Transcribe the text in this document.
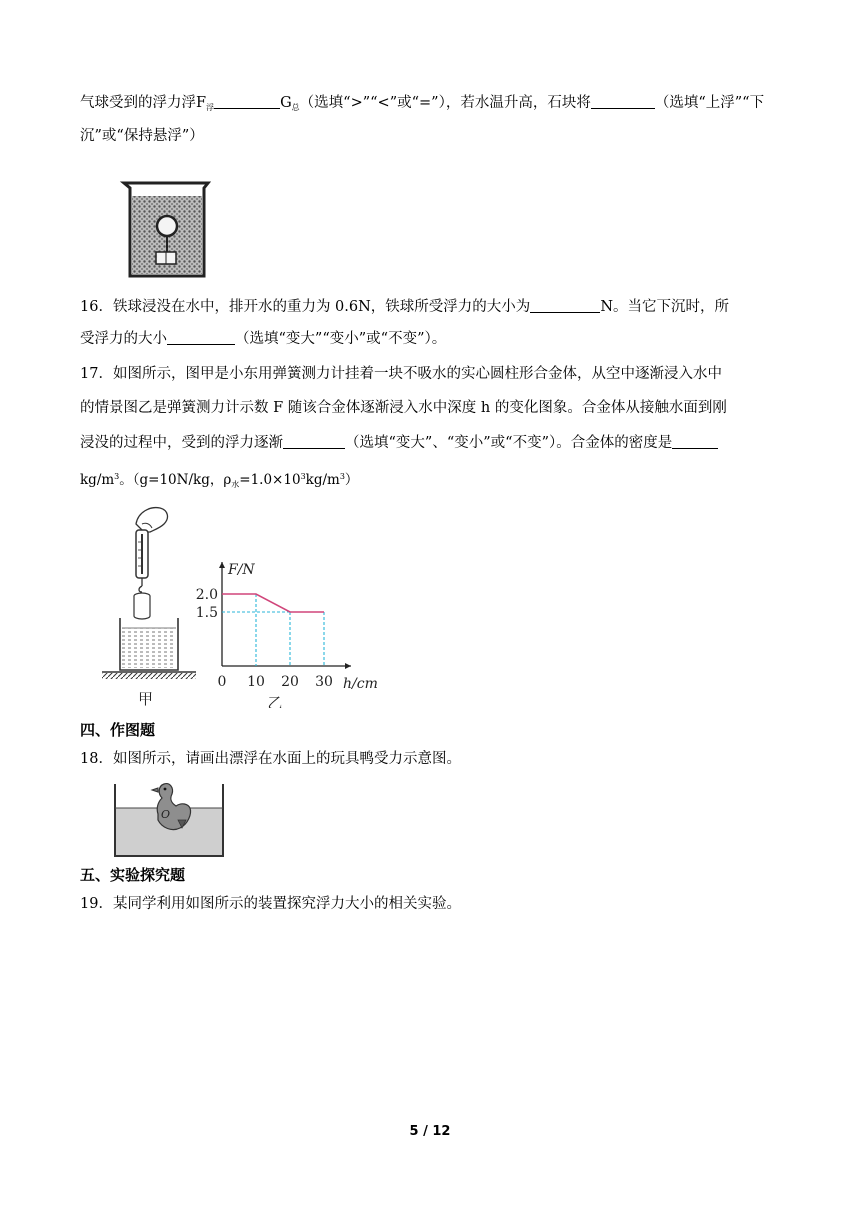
气球受到的浮力浮$F_浮$	$G_总$（选填“>”“<”或“=”），若水温升高，石块将	（选填“上浮”“下
沉”或“保持悬浮”）
16．铁球浸没在水中，排开水的重力为 0.6N，铁球所受浮力的大小为	N。当它下沉时，所
受浮力的大小	（选填“变大”“变小”或“不变”）。
17．如图所示，图甲是小东用弹簧测力计挂着一块不吸水的实心圆柱形合金体，从空中逐渐浸入水中
的情景图乙是弹簧测力计示数 F 随该合金体逐渐浸入水中深度 h 的变化图象。合金体从接触水面到刚
浸没的过程中，受到的浮力逐渐	（选填“变大”、“变小”或“不变”）。合金体的密度是
$kg/m^3$。（g=10N/kg，$\rho_水=1.0\times 10^3kg/m^3$）
甲
F/N
h/cm
0 10 20 30
2.0
1.5
乙
四、作图题
18．如图所示，请画出漂浮在水面上的玩具鸭受力示意图。
O
五、实验探究题
19．某同学利用如图所示的装置探究浮力大小的相关实验。
5 / 12
